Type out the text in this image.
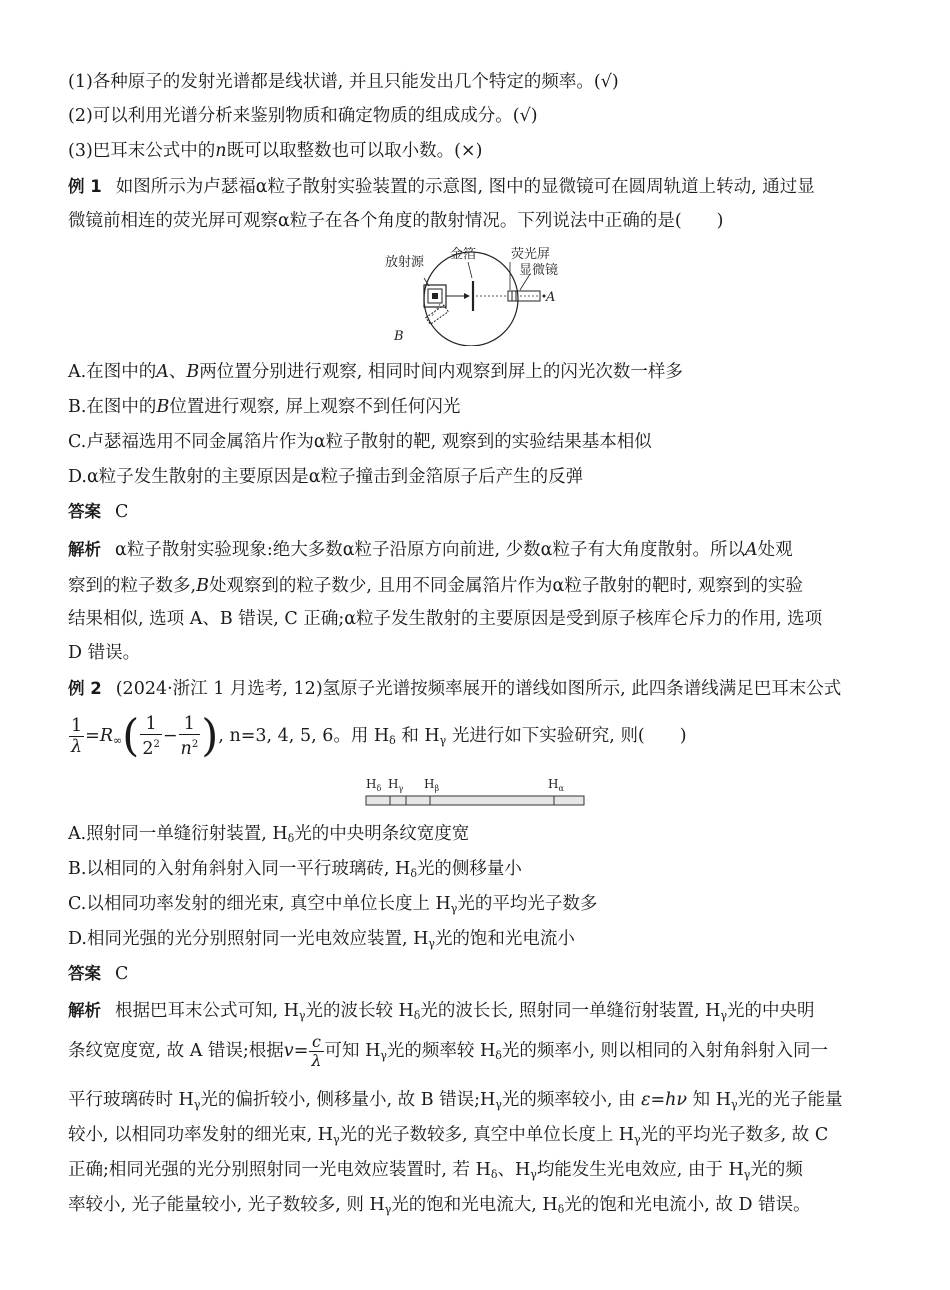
(1)各种原子的发射光谱都是线状谱, 并且只能发出几个特定的频率。(√)
(2)可以利用光谱分析来鉴别物质和确定物质的组成成分。(√)
(3)巴耳末公式中的n既可以取整数也可以取小数。(×)
例 1 如图所示为卢瑟福α粒子散射实验装置的示意图, 图中的显微镜可在圆周轨道上转动, 通过显
微镜前相连的荧光屏可观察α粒子在各个角度的散射情况。下列说法中正确的是(　　)
放射源
金箔	荧光屏
显微镜
A
B
A.在图中的A、B两位置分别进行观察, 相同时间内观察到屏上的闪光次数一样多
B.在图中的B位置进行观察, 屏上观察不到任何闪光
C.卢瑟福选用不同金属箔片作为α粒子散射的靶, 观察到的实验结果基本相似
D.α粒子发生散射的主要原因是α粒子撞击到金箔原子后产生的反弹
答案 C
解析 α粒子散射实验现象:绝大多数α粒子沿原方向前进, 少数α粒子有大角度散射。所以A处观
察到的粒子数多,B处观察到的粒子数少, 且用不同金属箔片作为α粒子散射的靶时, 观察到的实验
结果相似, 选项 A、B 错误, C 正确;α粒子发生散射的主要原因是受到原子核库仑斥力的作用, 选项
D 错误。
例 2 (2024·浙江 1 月选考, 12)氢原子光谱按频率展开的谱线如图所示, 此四条谱线满足巴耳末公式
$\frac{1}{\lambda} =R_\infty( \frac{1}{2^2} - \frac{1}{n^2}$ ), n=3, 4, 5, 6。用 $H_\delta$ 和 $H_\gamma$ 光进行如下实验研究, 则(　　)
$H_\delta$ $H_\gamma$ $H_\beta$	$H_\alpha$
A.照射同一单缝衍射装置, $H_\delta$光的中央明条纹宽度宽
B.以相同的入射角斜射入同一平行玻璃砖, $H_\delta$光的侧移量小
C.以相同功率发射的细光束, 真空中单位长度上 $H_\gamma$光的平均光子数多
D.相同光强的光分别照射同一光电效应装置, $H_\gamma$光的饱和光电流小
答案 C
解析 根据巴耳末公式可知, $H_\gamma$光的波长较 $H_\delta$光的波长长, 照射同一单缝衍射装置, $H_\gamma$光的中央明
条纹宽度宽, 故 A 错误;根据$v= \frac{c}{\lambda}$ 可知 $H_\gamma$光的频率较 $H_\delta$光的频率小, 则以相同的入射角斜射入同一
平行玻璃砖时 $H_\gamma$光的偏折较小, 侧移量小, 故 B 错误$;H_\gamma$光的频率较小, 由 ε=hν 知 $H_\gamma$光的光子能量
较小, 以相同功率发射的细光束, $H_\gamma$光的光子数较多, 真空中单位长度上 $H_\gamma$光的平均光子数多, 故 C
正确;相同光强的光分别照射同一光电效应装置时, 若 $H_\delta$、$H_\gamma$均能发生光电效应, 由于 $H_\gamma$光的频
率较小, 光子能量较小, 光子数较多, 则 $H_\gamma$光的饱和光电流大, $H_\delta$光的饱和光电流小, 故 D 错误。
